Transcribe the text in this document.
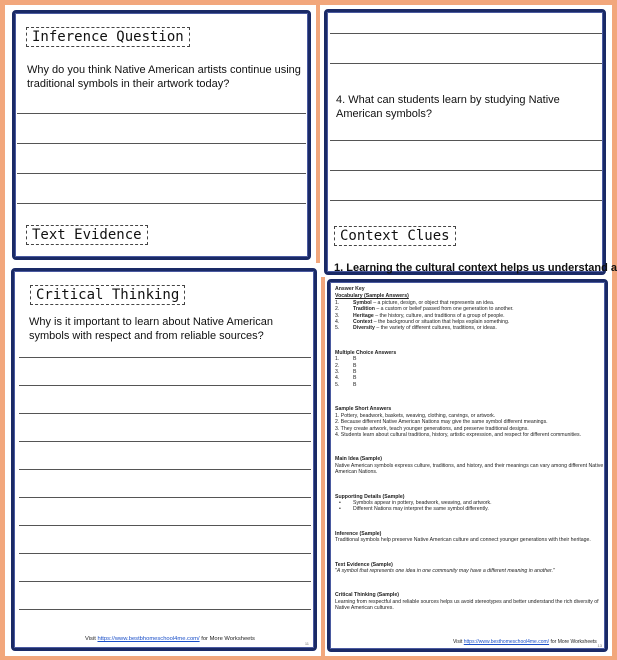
Inference Question
Why do you think Native American artists continue using traditional symbols in their artwork today?
Text Evidence
4. What can students learn by studying Native American symbols?
Context Clues
1. Learning the cultural context helps us understand a
Critical Thinking
Why is it important to learn about Native American symbols with respect and from reliable sources?
Visit https://www.bestbhomeschool4me.com/ for More Worksheets
11
Answer Key
Vocabulary (Sample Answers)
1.	Symbol – a picture, design, or object that represents an idea.
2.	Tradition – a custom or belief passed from one generation to another.
3.	Heritage – the history, culture, and traditions of a group of people.
4.	Context – the background or situation that helps explain something.
5.	Diversity – the variety of different cultures, traditions, or ideas.
Multiple Choice Answers
1.	B
2.	B
3.	B
4.	B
5.	B
Sample Short Answers
1. Pottery, beadwork, baskets, weaving, clothing, carvings, or artwork.
2. Because different Native American Nations may give the same symbol different meanings.
3. They create artwork, teach younger generations, and preserve traditional designs.
4. Students learn about cultural traditions, history, artistic expression, and respect for different communities.
Main Idea (Sample)
Native American symbols express culture, traditions, and history, and their meanings can vary among different Native American Nations.
Supporting Details (Sample)
•	Symbols appear in pottery, beadwork, weaving, and artwork.
•	Different Nations may interpret the same symbol differently.
Inference (Sample)
Traditional symbols help preserve Native American culture and connect younger generations with their heritage.
Text Evidence (Sample)
"A symbol that represents one idea in one community may have a different meaning in another."
Critical Thinking (Sample)
Learning from respectful and reliable sources helps us avoid stereotypes and better understand the rich diversity of Native American cultures.
Visit https://www.besthomeschool4me.com/ for More Worksheets
13
